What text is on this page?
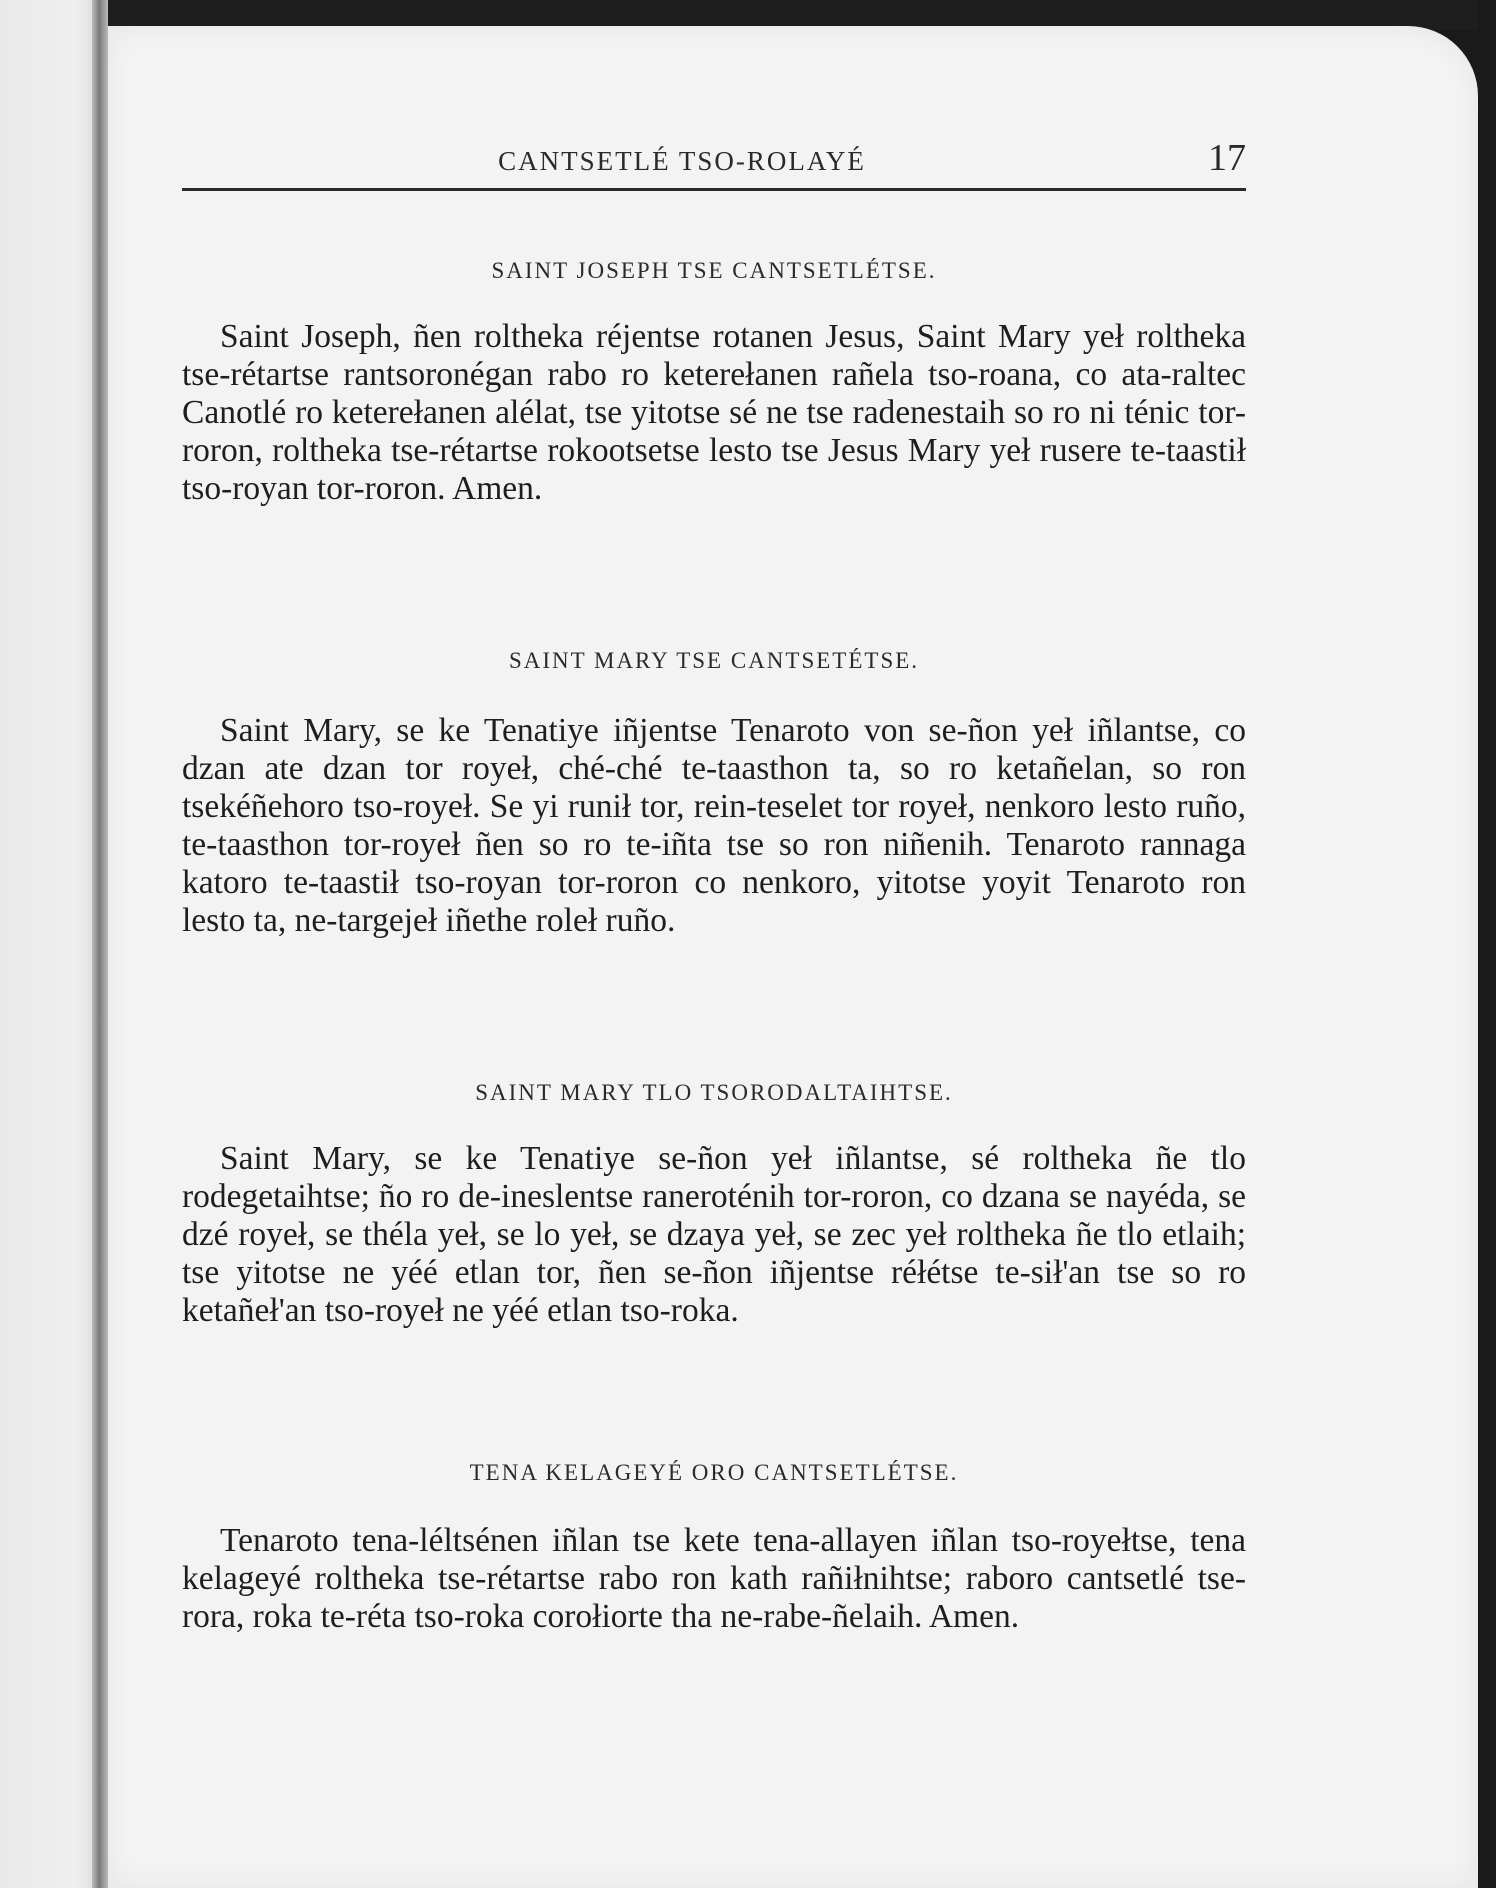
CANTSETLÉ TSO-ROLAYÉ	17
SAINT JOSEPH TSE CANTSETLÉTSE.

Saint Joseph, ñen roltheka réjentse rotanen Jesus, Saint Mary yeł roltheka tse-rétartse rantsoronégan rabo ro keterełanen rañela tso-roana, co ata-raltec Canotlé ro keterełanen alélat, tse yitotse sé ne tse radenestaih so ro ni ténic tor-roron, roltheka tse-rétartse rokootsetse lesto tse Jesus Mary yeł rusere te-taastił tso-royan tor-roron. Amen.

SAINT MARY TSE CANTSETÉTSE.

Saint Mary, se ke Tenatiye iñjentse Tenaroto von se-ñon yeł iñlantse, co dzan ate dzan tor royeł, ché-ché te-taasthon ta, so ro ketañelan, so ron tsekéñehoro tso-royeł. Se yi runił tor, rein-teselet tor royeł, nenkoro lesto ruño, te-taasthon tor-royeł ñen so ro te-iñta tse so ron niñenih. Tenaroto rannaga katoro te-taastił tso-royan tor-roron co nenkoro, yitotse yoyit Tenaroto ron lesto ta, ne-targejeł iñethe roleł ruño.

SAINT MARY TLO TSORODALTAIHTSE.

Saint Mary, se ke Tenatiye se-ñon yeł iñlantse, sé roltheka ñe tlo rodegetaihtse; ño ro de-ineslentse raneroténih tor-roron, co dzana se nayéda, se dzé royeł, se théla yeł, se lo yeł, se dzaya yeł, se zec yeł roltheka ñe tlo etlaih; tse yitotse ne yéé etlan tor, ñen se-ñon iñjentse réłétse te-sił'an tse so ro ketañeł'an tso-royeł ne yéé etlan tso-roka.

TENA KELAGEYÉ ORO CANTSETLÉTSE.

Tenaroto tena-léltsénen iñlan tse kete tena-allayen iñlan tso-royełtse, tena kelageyé roltheka tse-rétartse rabo ron kath rañiłnihtse; raboro cantsetlé tse-rora, roka te-réta tso-roka corołiorte tha ne-rabe-ñelaih. Amen.
